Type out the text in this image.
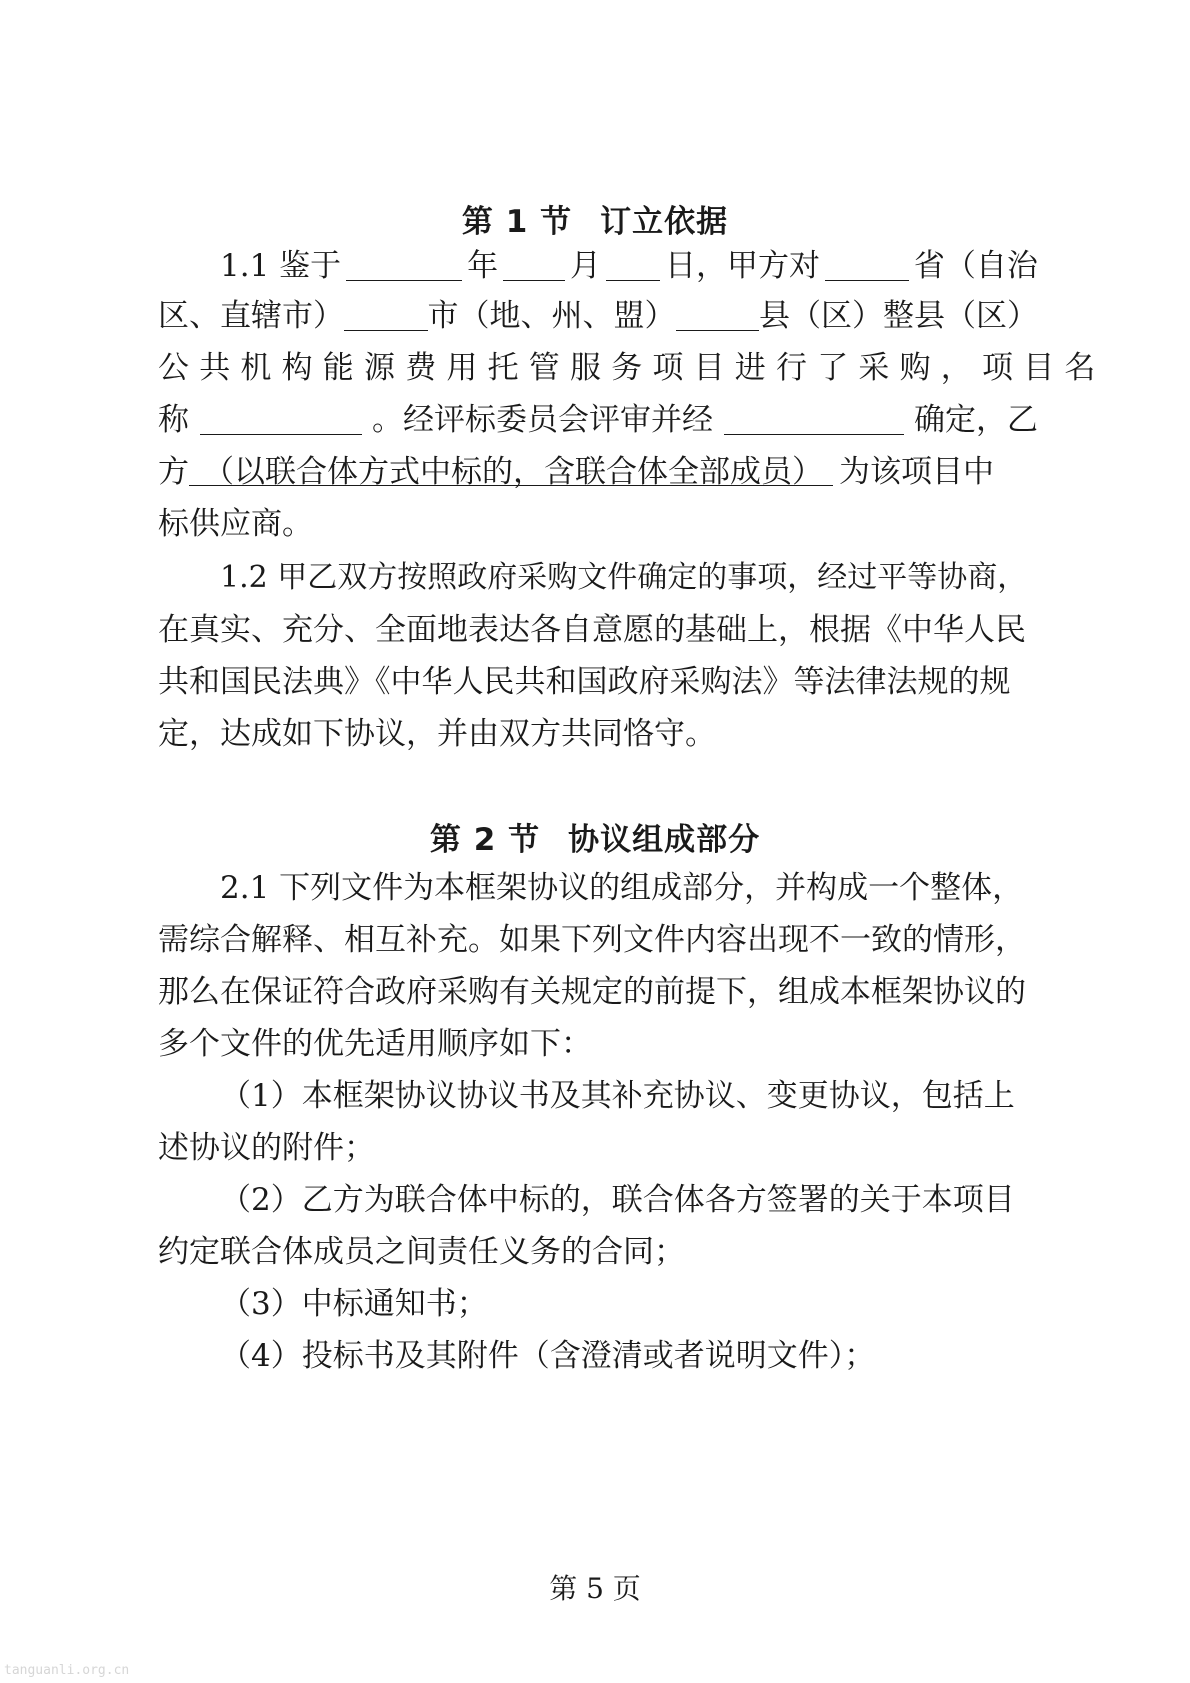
第 1 节 订立依据
1.1 鉴于	年 月 日，甲方对	省（自治
区、直辖市）	市（地、州、盟）	县（区）整县（区）
公共机构能源费用托管服务项目进行了采购，项目名
称	。经评标委员会评审并经	确定，乙
方 （以联合体方式中标的，含联合体全部成员） 为该项目中
标供应商。
1.2 甲乙双方按照政府采购文件确定的事项，经过平等协商，
在真实、充分、全面地表达各自意愿的基础上，根据《中华人民
共和国民法典》《中华人民共和国政府采购法》等法律法规的规
定，达成如下协议，并由双方共同恪守。
第 2 节 协议组成部分
2.1 下列文件为本框架协议的组成部分，并构成一个整体，
需综合解释、相互补充。如果下列文件内容出现不一致的情形，
那么在保证符合政府采购有关规定的前提下，组成本框架协议的
多个文件的优先适用顺序如下：
（1）本框架协议协议书及其补充协议、变更协议，包括上
述协议的附件；
（2）乙方为联合体中标的，联合体各方签署的关于本项目
约定联合体成员之间责任义务的合同；
（3）中标通知书；
（4）投标书及其附件（含澄清或者说明文件）；
第 5 页
tanguanli.org.cn
